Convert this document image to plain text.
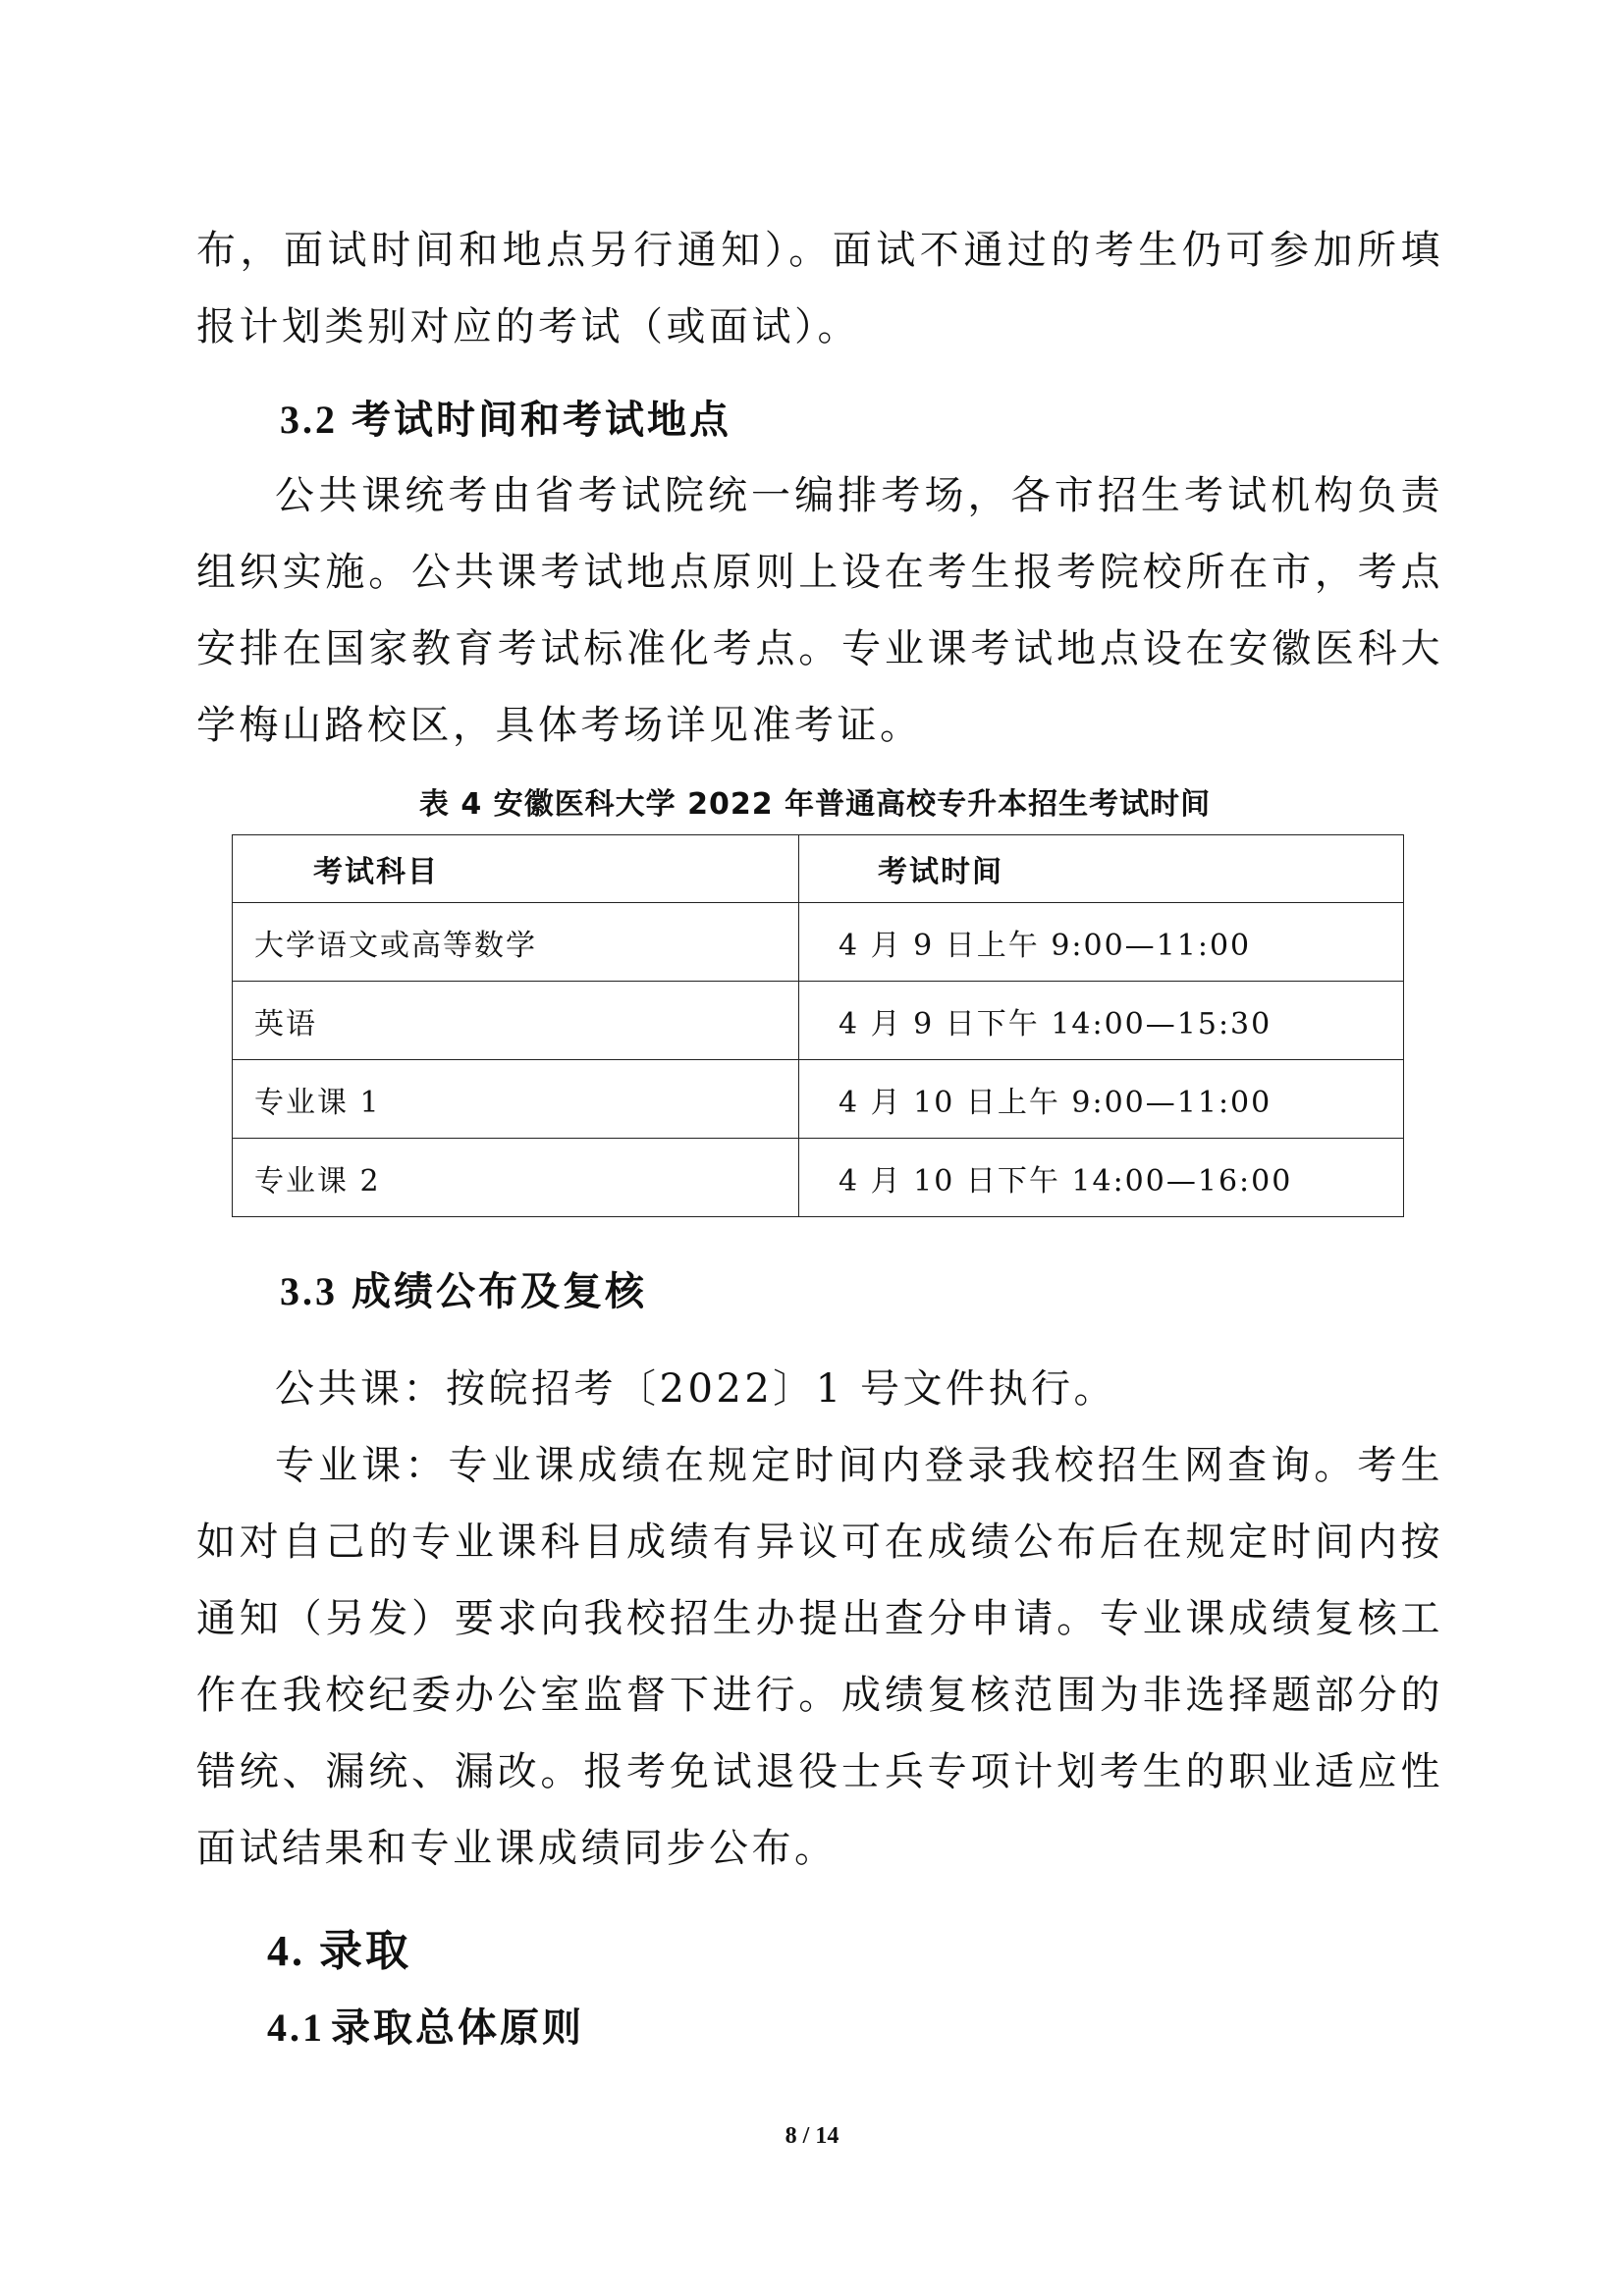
布，面试时间和地点另行通知）。面试不通过的考生仍可参加所填报计划类别对应的考试（或面试）。

3.2 考试时间和考试地点

公共课统考由省考试院统一编排考场，各市招生考试机构负责组织实施。公共课考试地点原则上设在考生报考院校所在市，考点安排在国家教育考试标准化考点。专业课考试地点设在安徽医科大学梅山路校区，具体考场详见准考证。

表 4 安徽医科大学 2022 年普通高校专升本招生考试时间
考试科目	考试时间
大学语文或高等数学	4 月 9 日上午 9:00—11:00
英语	4 月 9 日下午 14:00—15:30
专业课 1	4 月 10 日上午 9:00—11:00
专业课 2	4 月 10 日下午 14:00—16:00
3.3 成绩公布及复核

公共课：按皖招考〔2022〕1 号文件执行。

专业课：专业课成绩在规定时间内登录我校招生网查询。考生如对自己的专业课科目成绩有异议可在成绩公布后在规定时间内按通知（另发）要求向我校招生办提出查分申请。专业课成绩复核工作在我校纪委办公室监督下进行。成绩复核范围为非选择题部分的错统、漏统、漏改。报考免试退役士兵专项计划考生的职业适应性面试结果和专业课成绩同步公布。

4. 录取
4.1 录取总体原则
8 / 14
